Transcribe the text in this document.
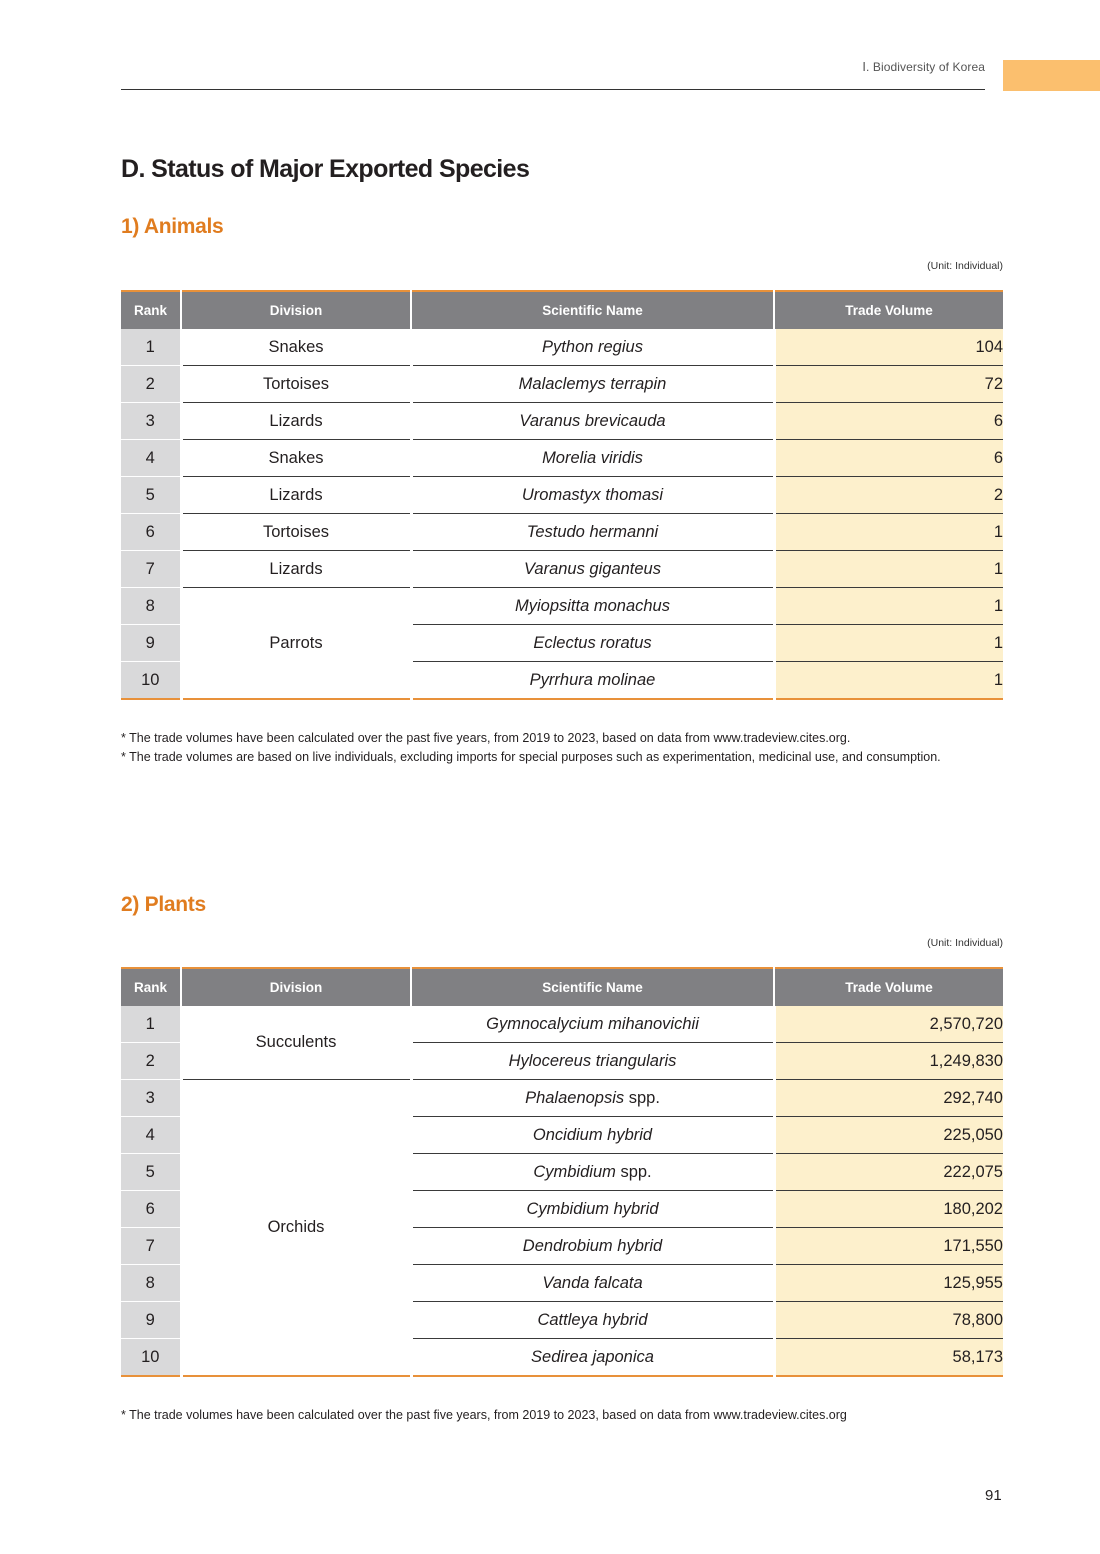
Ⅰ. Biodiversity of Korea
D. Status of Major Exported Species
1) Animals
(Unit: Individual)
Rank	Division	Scientific Name	Trade Volume
1	Snakes	Python regius	104
2	Tortoises	Malaclemys terrapin	72
3	Lizards	Varanus brevicauda	6
4	Snakes	Morelia viridis	6
5	Lizards	Uromastyx thomasi	2
6	Tortoises	Testudo hermanni	1
7	Lizards	Varanus giganteus	1
8	Parrots	Myiopsitta monachus	1
9		Eclectus roratus	1
10		Pyrrhura molinae	1
* The trade volumes have been calculated over the past five years, from 2019 to 2023, based on data from www.tradeview.cites.org.
* The trade volumes are based on live individuals, excluding imports for special purposes such as experimentation, medicinal use, and consumption.
2) Plants
(Unit: Individual)
Rank	Division	Scientific Name	Trade Volume
1	Succulents	Gymnocalycium mihanovichii	2,570,720
2		Hylocereus triangularis	1,249,830
3	Orchids	Phalaenopsis spp.	292,740
4		Oncidium hybrid	225,050
5		Cymbidium spp.	222,075
6		Cymbidium hybrid	180,202
7		Dendrobium hybrid	171,550
8		Vanda falcata	125,955
9		Cattleya hybrid	78,800
10		Sedirea japonica	58,173
* The trade volumes have been calculated over the past five years, from 2019 to 2023, based on data from www.tradeview.cites.org
91
